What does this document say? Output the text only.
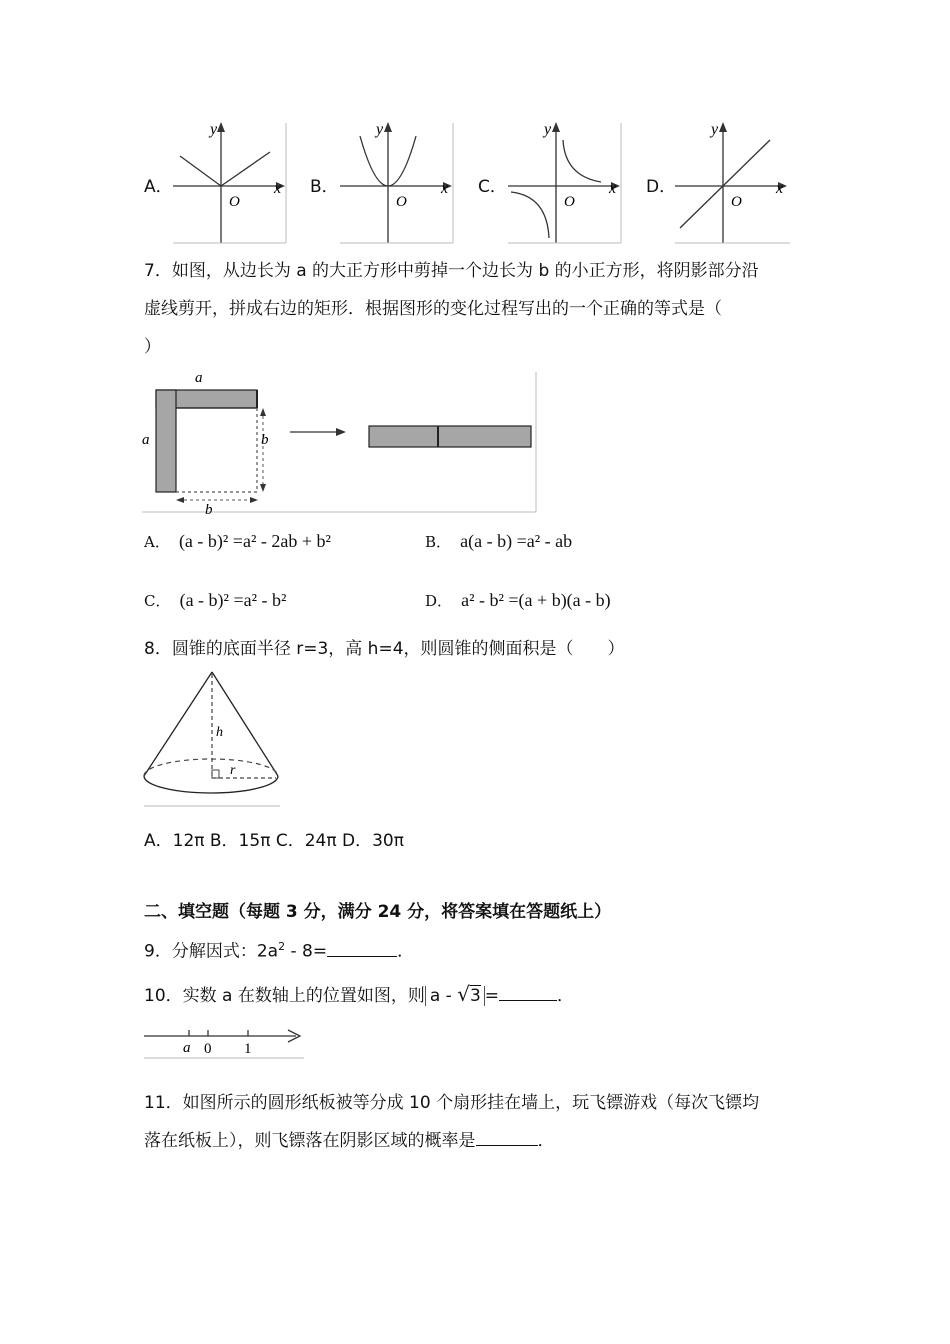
A．
y
x
O
B．
y
x
O
C．
y
x
O
D．
y
x
O
7．如图，从边长为 a 的大正方形中剪掉一个边长为 b 的小正方形，将阴影部分沿
虚线剪开，拼成右边的矩形．根据图形的变化过程写出的一个正确的等式是（
）
a
a	b
b
A． (a - b)² =a² - 2ab + b²	B． a(a - b) =a² - ab
C． (a - b)² =a² - b²	D． a² - b² =(a + b)(a - b)
8．圆锥的底面半径 r=3，高 h=4，则圆锥的侧面积是（　　）
h
r
A．12π B．15π C．24π D．30π
二、填空题（每题 3 分，满分 24 分，将答案填在答题纸上）
9．分解因式：$2a^2 - 8=$	．
10．实数 a 在数轴上的位置如图，则 a - √3 =	．
a 0 1
11．如图所示的圆形纸板被等分成 10 个扇形挂在墙上，玩飞镖游戏（每次飞镖均
落在纸板上），则飞镖落在阴影区域的概率是	．
